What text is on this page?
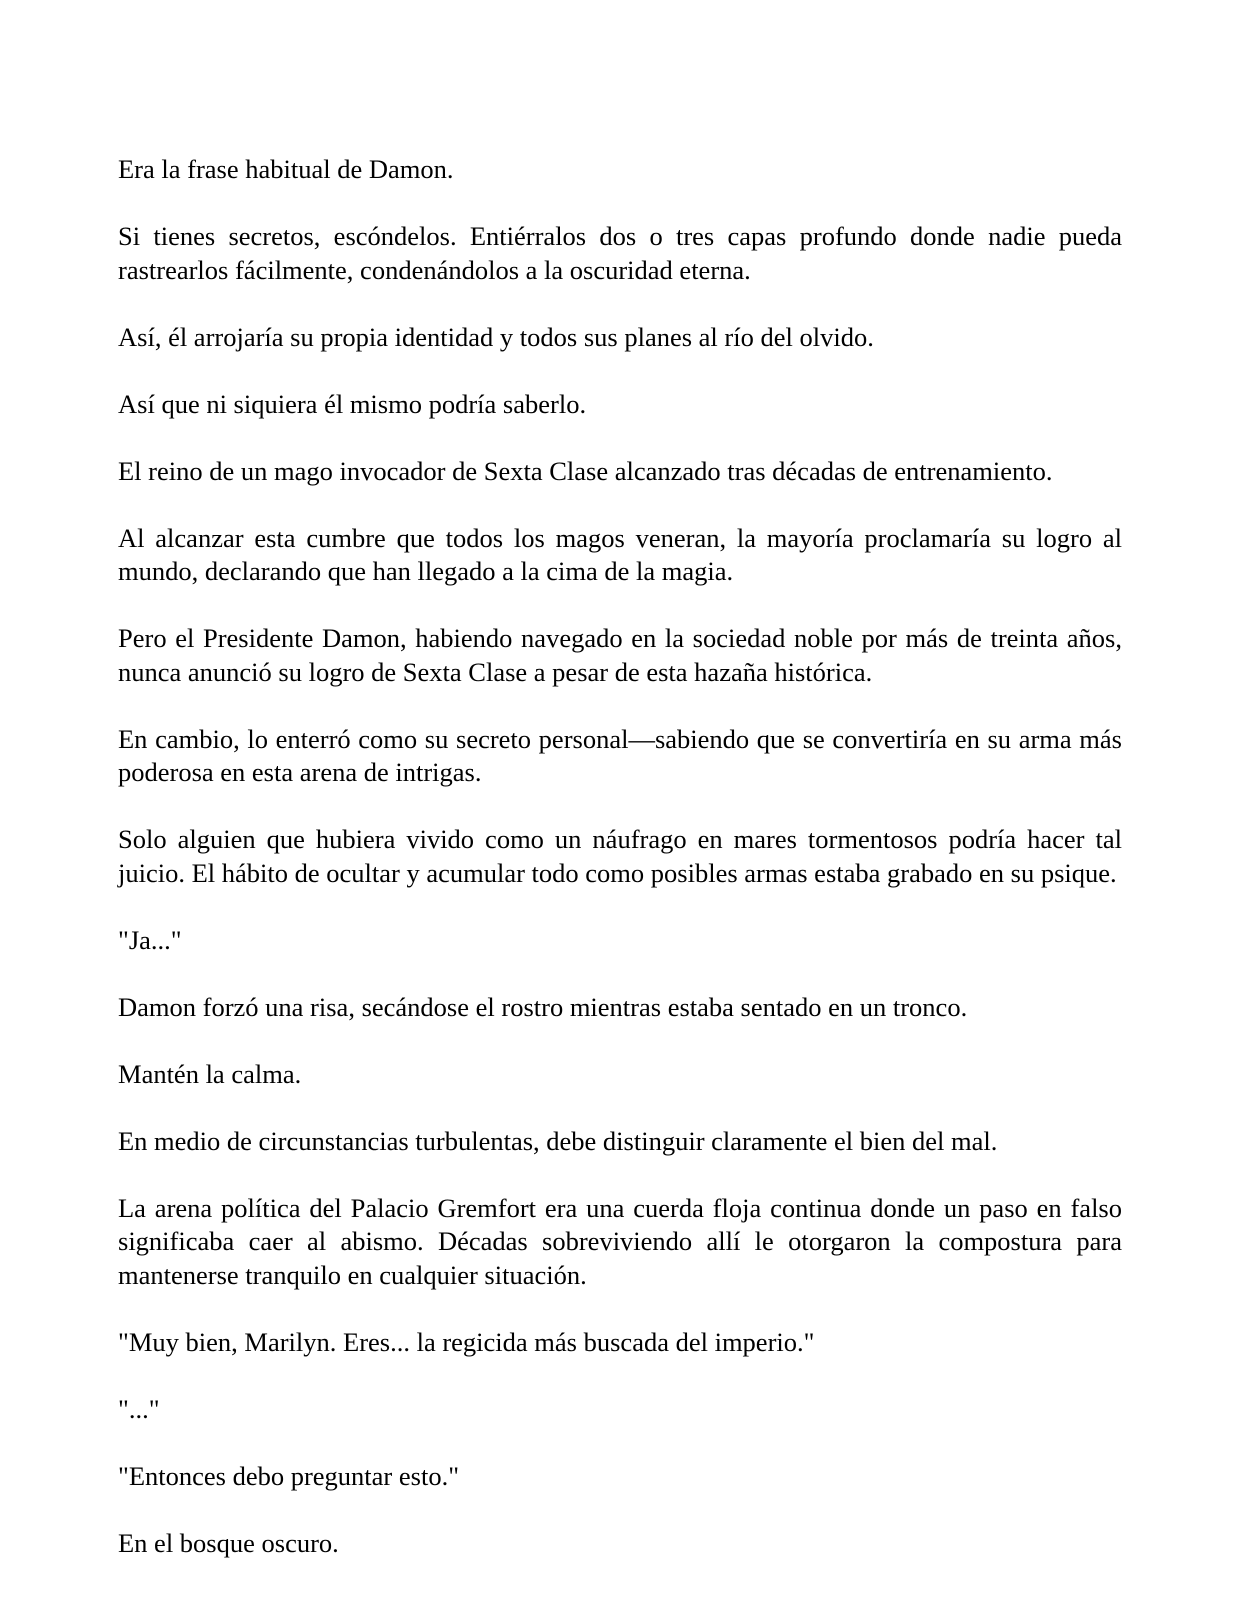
Era la frase habitual de Damon.

Si tienes secretos, escóndelos. Entiérralos dos o tres capas profundo donde nadie pueda rastrearlos fácilmente, condenándolos a la oscuridad eterna.

Así, él arrojaría su propia identidad y todos sus planes al río del olvido.

Así que ni siquiera él mismo podría saberlo.

El reino de un mago invocador de Sexta Clase alcanzado tras décadas de entrenamiento.

Al alcanzar esta cumbre que todos los magos veneran, la mayoría proclamaría su logro al mundo, declarando que han llegado a la cima de la magia.

Pero el Presidente Damon, habiendo navegado en la sociedad noble por más de treinta años, nunca anunció su logro de Sexta Clase a pesar de esta hazaña histórica.

En cambio, lo enterró como su secreto personal—sabiendo que se convertiría en su arma más poderosa en esta arena de intrigas.

Solo alguien que hubiera vivido como un náufrago en mares tormentosos podría hacer tal juicio. El hábito de ocultar y acumular todo como posibles armas estaba grabado en su psique.

"Ja..."

Damon forzó una risa, secándose el rostro mientras estaba sentado en un tronco.

Mantén la calma.

En medio de circunstancias turbulentas, debe distinguir claramente el bien del mal.

La arena política del Palacio Gremfort era una cuerda floja continua donde un paso en falso significaba caer al abismo. Décadas sobreviviendo allí le otorgaron la compostura para mantenerse tranquilo en cualquier situación.

"Muy bien, Marilyn. Eres... la regicida más buscada del imperio."

"..."

"Entonces debo preguntar esto."

En el bosque oscuro.
